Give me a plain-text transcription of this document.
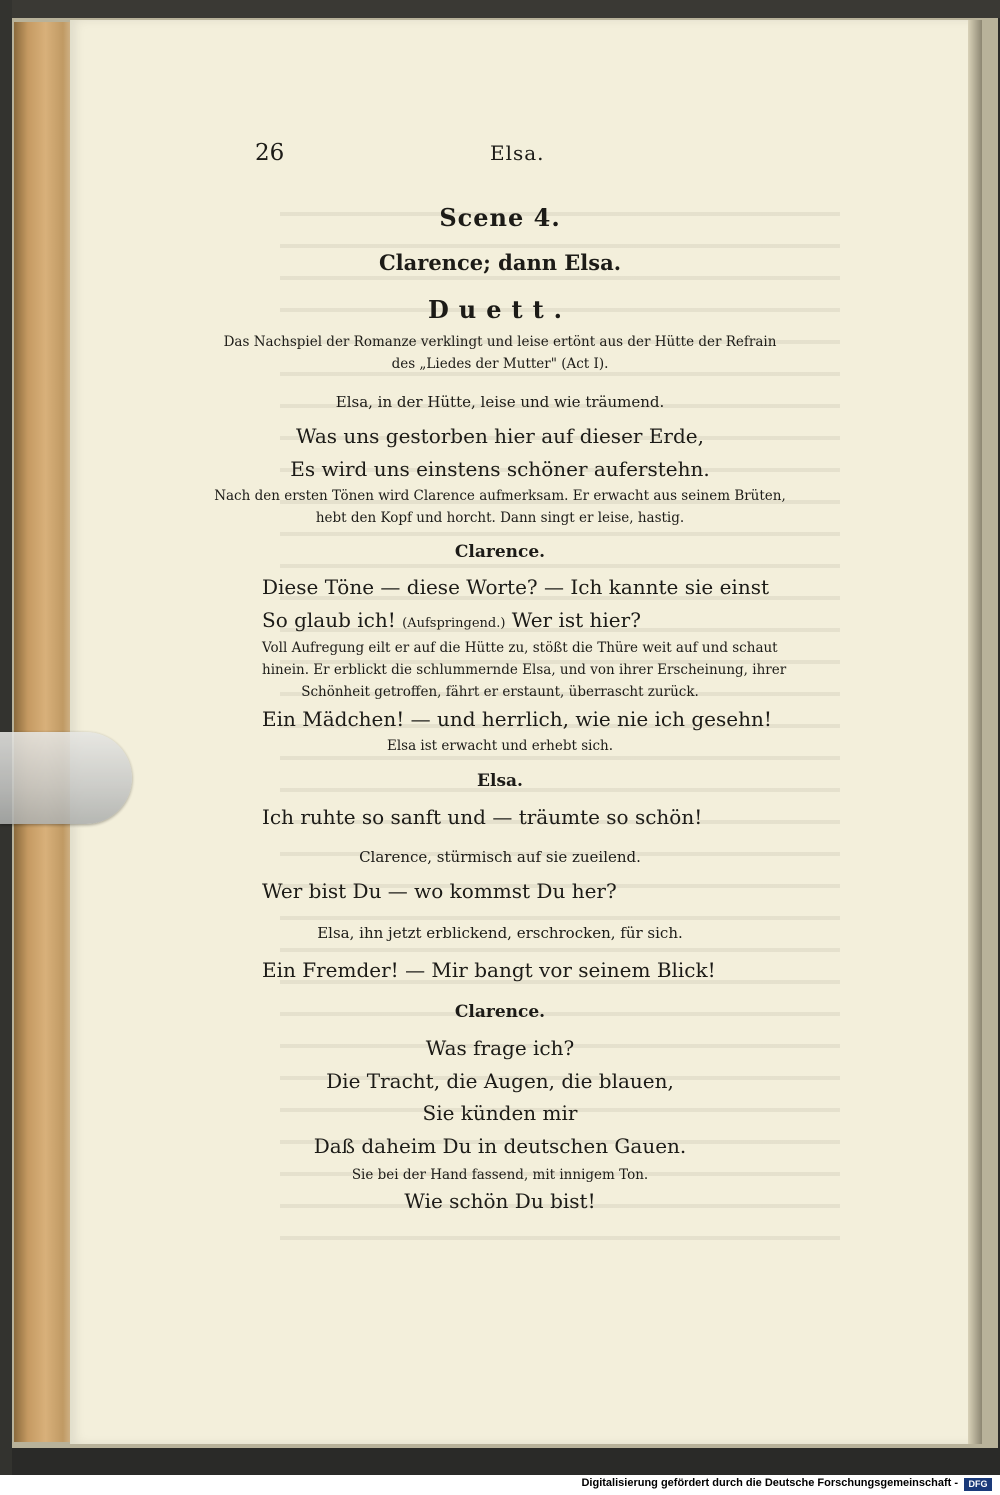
26	Elsa.
Scene 4.
Clarence; dann Elsa.
Duett.
Das Nachspiel der Romanze verklingt und leise ertönt aus der Hütte der Refrain
des „Liedes der Mutter" (Act I).
Elsa, in der Hütte, leise und wie träumend.
Was uns gestorben hier auf dieser Erde,
Es wird uns einstens schöner auferstehn.
Nach den ersten Tönen wird Clarence aufmerksam. Er erwacht aus seinem Brüten,
hebt den Kopf und horcht. Dann singt er leise, hastig.
Clarence.
Diese Töne — diese Worte? — Ich kannte sie einst
So glaub ich! (Aufspringend.) Wer ist hier?
Voll Aufregung eilt er auf die Hütte zu, stößt die Thüre weit auf und schaut
hinein. Er erblickt die schlummernde Elsa, und von ihrer Erscheinung, ihrer
Schönheit getroffen, fährt er erstaunt, überrascht zurück.
Ein Mädchen! — und herrlich, wie nie ich gesehn!
Elsa ist erwacht und erhebt sich.
Elsa.
Ich ruhte so sanft und — träumte so schön!
Clarence, stürmisch auf sie zueilend.
Wer bist Du — wo kommst Du her?
Elsa, ihn jetzt erblickend, erschrocken, für sich.
Ein Fremder! — Mir bangt vor seinem Blick!
Clarence.
Was frage ich?
Die Tracht, die Augen, die blauen,
Sie künden mir
Daß daheim Du in deutschen Gauen.
Sie bei der Hand fassend, mit innigem Ton.
Wie schön Du bist!
Digitalisierung gefördert durch die Deutsche Forschungsgemeinschaft -	DFG
